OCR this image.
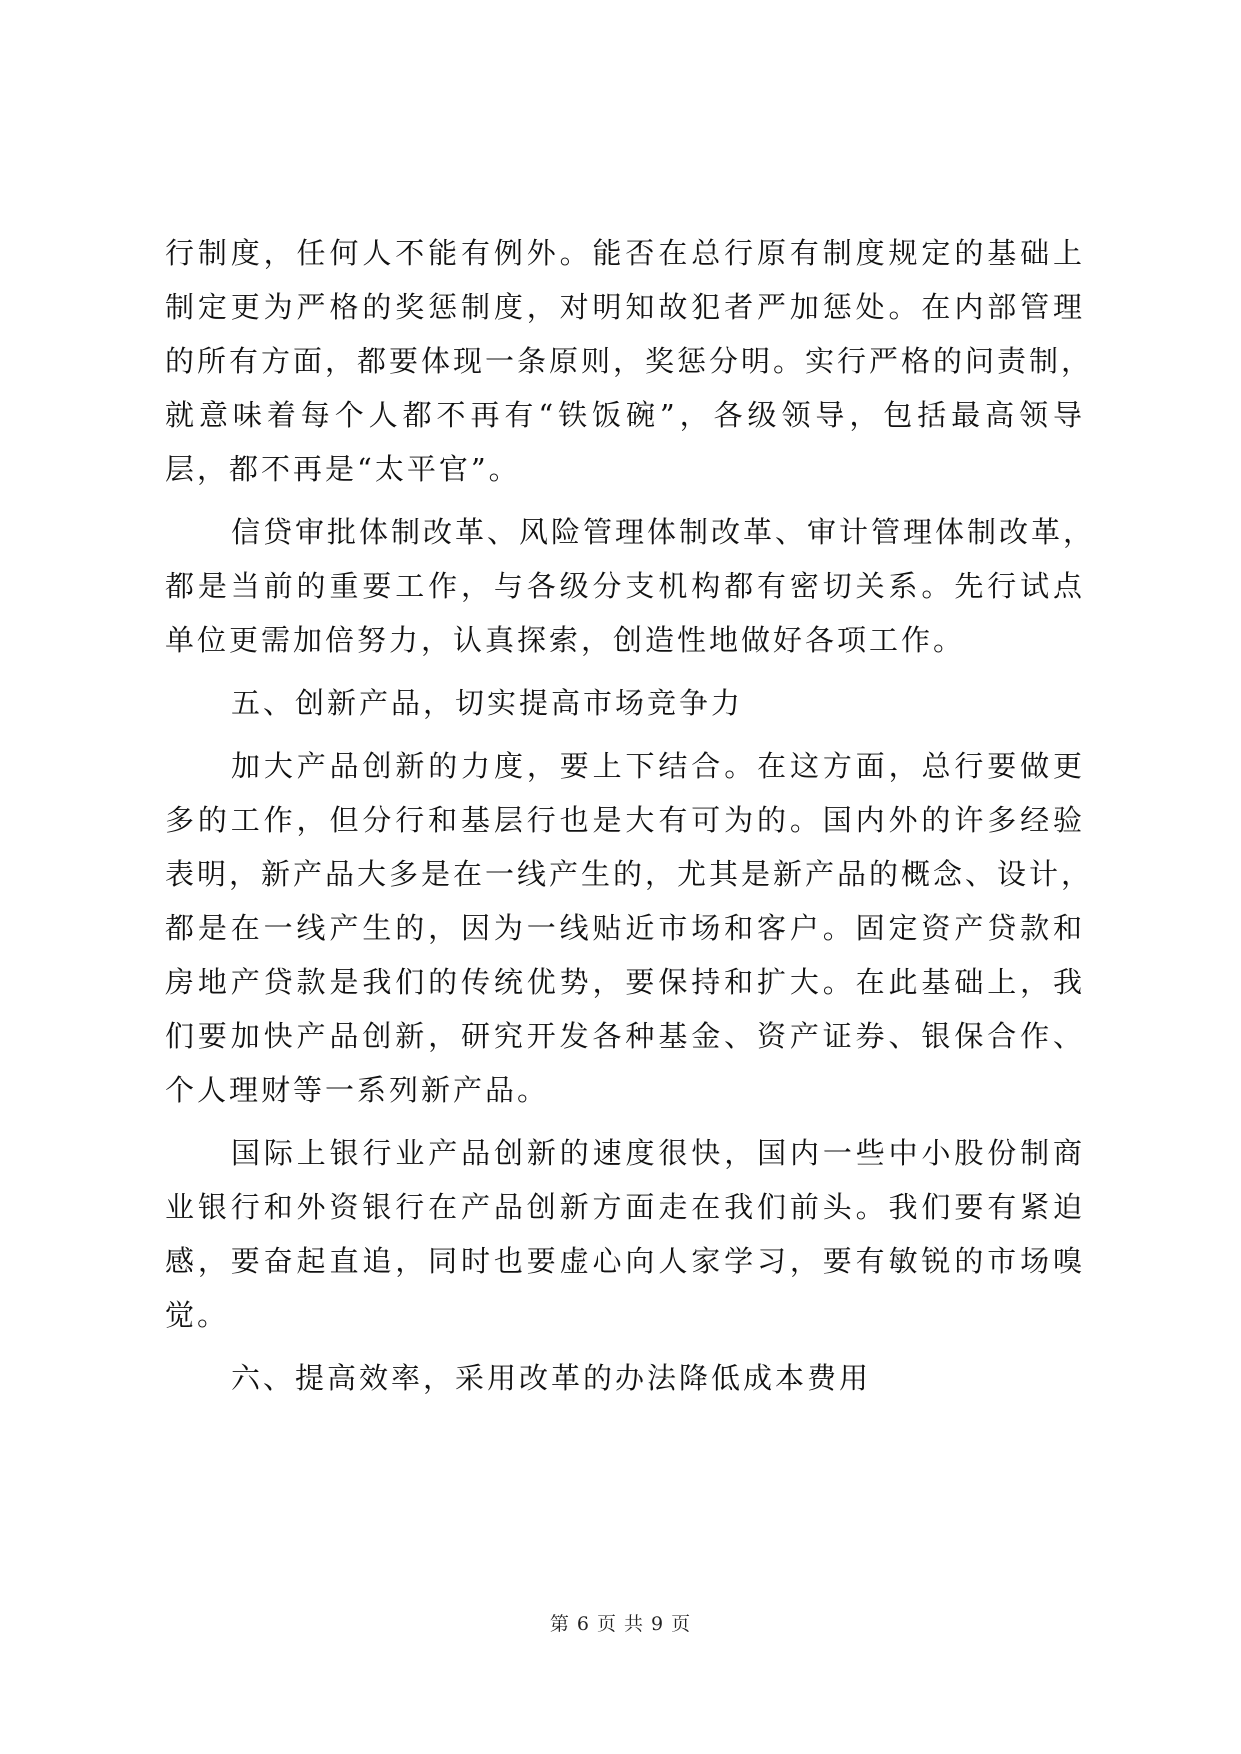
行制度，任何人不能有例外。能否在总行原有制度规定的基础上
制定更为严格的奖惩制度，对明知故犯者严加惩处。在内部管理
的所有方面，都要体现一条原则，奖惩分明。实行严格的问责制，
就意味着每个人都不再有“铁饭碗”，各级领导，包括最高领导
层，都不再是“太平官”。
信贷审批体制改革、风险管理体制改革、审计管理体制改革，
都是当前的重要工作，与各级分支机构都有密切关系。先行试点
单位更需加倍努力，认真探索，创造性地做好各项工作。
五、创新产品，切实提高市场竞争力
加大产品创新的力度，要上下结合。在这方面，总行要做更
多的工作，但分行和基层行也是大有可为的。国内外的许多经验
表明，新产品大多是在一线产生的，尤其是新产品的概念、设计，
都是在一线产生的，因为一线贴近市场和客户。固定资产贷款和
房地产贷款是我们的传统优势，要保持和扩大。在此基础上，我
们要加快产品创新，研究开发各种基金、资产证券、银保合作、
个人理财等一系列新产品。
国际上银行业产品创新的速度很快，国内一些中小股份制商
业银行和外资银行在产品创新方面走在我们前头。我们要有紧迫
感，要奋起直追，同时也要虚心向人家学习，要有敏锐的市场嗅
觉。
六、提高效率，采用改革的办法降低成本费用
第 6 页 共 9 页
